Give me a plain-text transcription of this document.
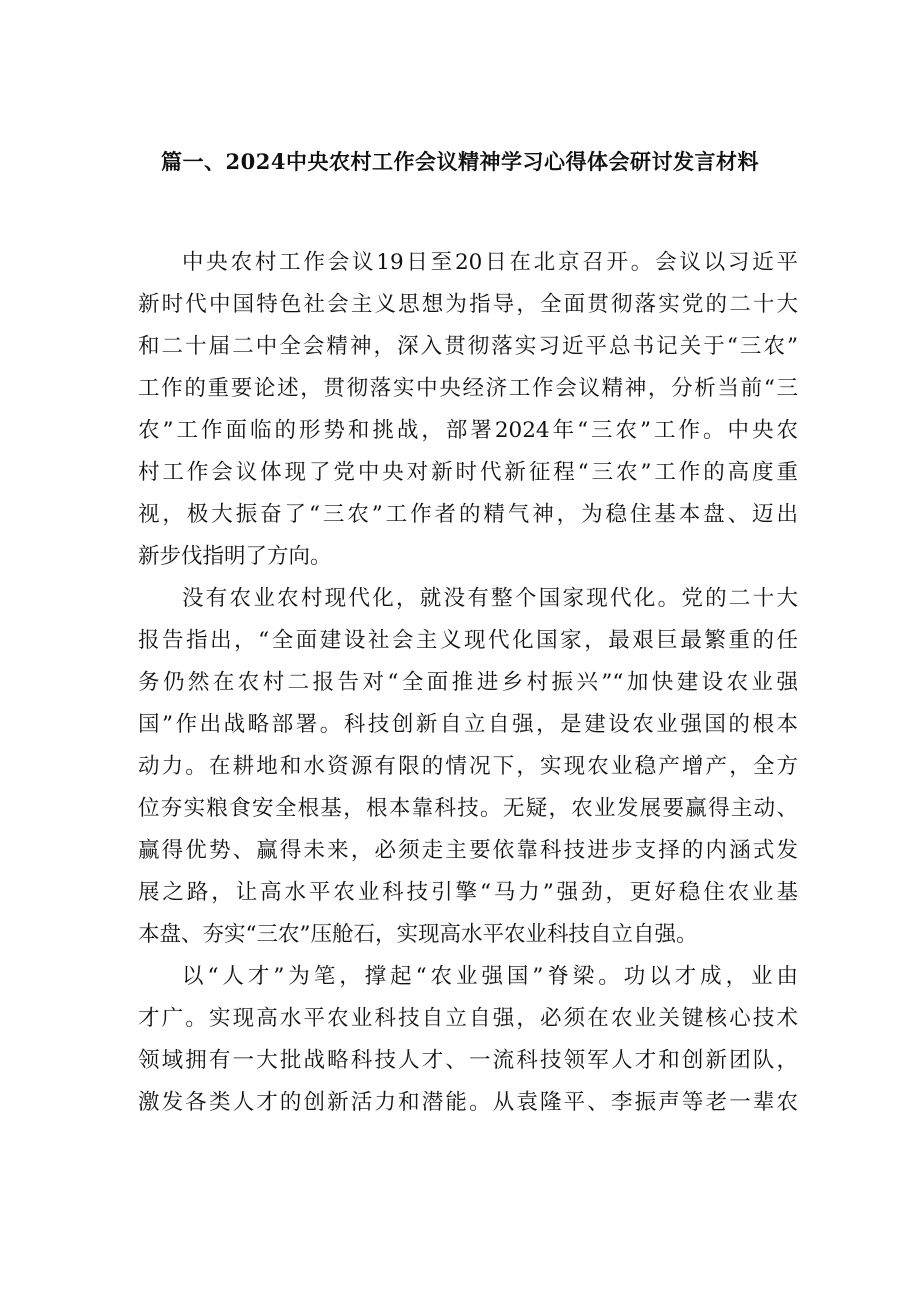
篇一、2024中央农村工作会议精神学习心得体会研讨发言材料
中央农村工作会议19日至20日在北京召开。会议以习近平
新时代中国特色社会主义思想为指导，全面贯彻落实党的二十大
和二十届二中全会精神，深入贯彻落实习近平总书记关于“三农”
工作的重要论述，贯彻落实中央经济工作会议精神，分析当前“三
农”工作面临的形势和挑战，部署2024年“三农”工作。中央农
村工作会议体现了党中央对新时代新征程“三农”工作的高度重
视，极大振奋了“三农”工作者的精气神，为稳住基本盘、迈出
新步伐指明了方向。
没有农业农村现代化，就没有整个国家现代化。党的二十大
报告指出，“全面建设社会主义现代化国家，最艰巨最繁重的任
务仍然在农村二报告对“全面推进乡村振兴”“加快建设农业强
国”作出战略部署。科技创新自立自强，是建设农业强国的根本
动力。在耕地和水资源有限的情况下，实现农业稳产增产，全方
位夯实粮食安全根基，根本靠科技。无疑，农业发展要赢得主动、
赢得优势、赢得未来，必须走主要依靠科技进步支择的内涵式发
展之路，让高水平农业科技引擎“马力”强劲，更好稳住农业基
本盘、夯实“三农”压舱石，实现高水平农业科技自立自强。
以“人才”为笔，撑起“农业强国”脊梁。功以才成，业由
才广。实现高水平农业科技自立自强，必须在农业关键核心技术
领域拥有一大批战略科技人才、一流科技领军人才和创新团队，
激发各类人才的创新活力和潜能。从袁隆平、李振声等老一辈农
